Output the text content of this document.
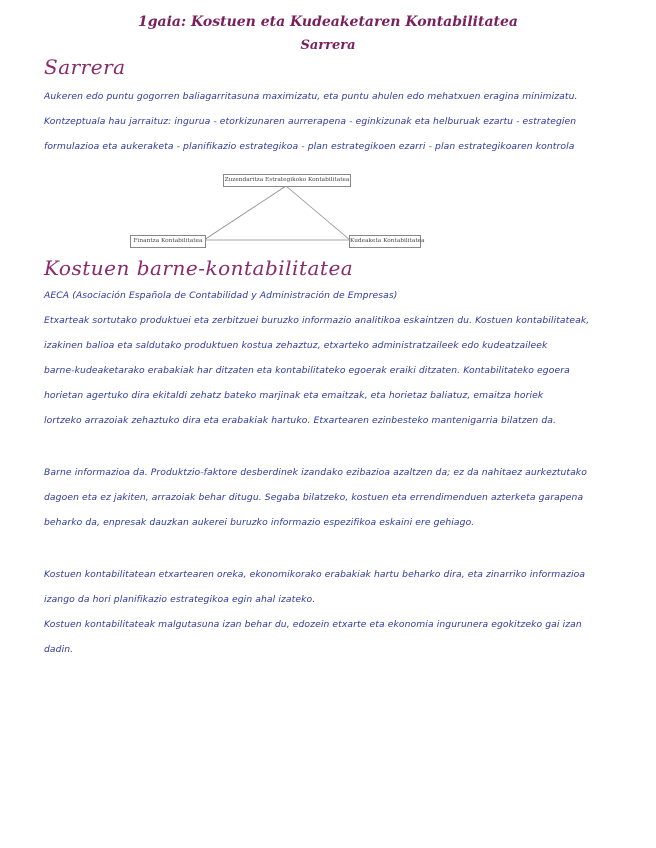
1gaia: Kostuen eta Kudeaketaren Kontabilitatea
Sarrera
Sarrera
Aukeren edo puntu gogorren baliagarritasuna maximizatu, eta puntu ahulen edo mehatxuen eragina minimizatu.
Kontzeptuala hau jarraituz: ingurua - etorkizunaren aurrerapena - eginkizunak eta helburuak ezartu - estrategien
formulazioa eta aukeraketa - planifikazio estrategikoa - plan estrategikoen ezarri - plan estrategikoaren kontrola
Zuzendaritza Estrategikoko Kontabilitatea
Finantza Kontabilitatea	Kudeaketa Kontabilitatea
Kostuen barne-kontabilitatea
AECA (Asociación Española de Contabilidad y Administración de Empresas)
Etxarteak sortutako produktuei eta zerbitzuei buruzko informazio analitikoa eskaintzen du. Kostuen kontabilitateak,
izakinen balioa eta saldutako produktuen kostua zehaztuz, etxarteko administratzaileek edo kudeatzaileek
barne-kudeaketarako erabakiak har ditzaten eta kontabilitateko egoerak eraiki ditzaten. Kontabilitateko egoera
horietan agertuko dira ekitaldi zehatz bateko marjinak eta emaitzak, eta horietaz baliatuz, emaitza horiek
lortzeko arrazoiak zehaztuko dira eta erabakiak hartuko. Etxartearen ezinbesteko mantenigarria bilatzen da.
Barne informazioa da. Produktzio-faktore desberdinek izandako ezibazioa azaltzen da; ez da nahitaez aurkeztutako
dagoen eta ez jakiten, arrazoiak behar ditugu. Segaba bilatzeko, kostuen eta errendimenduen azterketa garapena
beharko da, enpresak dauzkan aukerei buruzko informazio espezifikoa eskaini ere gehiago.
Kostuen kontabilitatean etxartearen oreka, ekonomikorako erabakiak hartu beharko dira, eta zinarriko informazioa
izango da hori planifikazio estrategikoa egin ahal izateko.
Kostuen kontabilitateak malgutasuna izan behar du, edozein etxarte eta ekonomia ingurunera egokitzeko gai izan
dadin.
